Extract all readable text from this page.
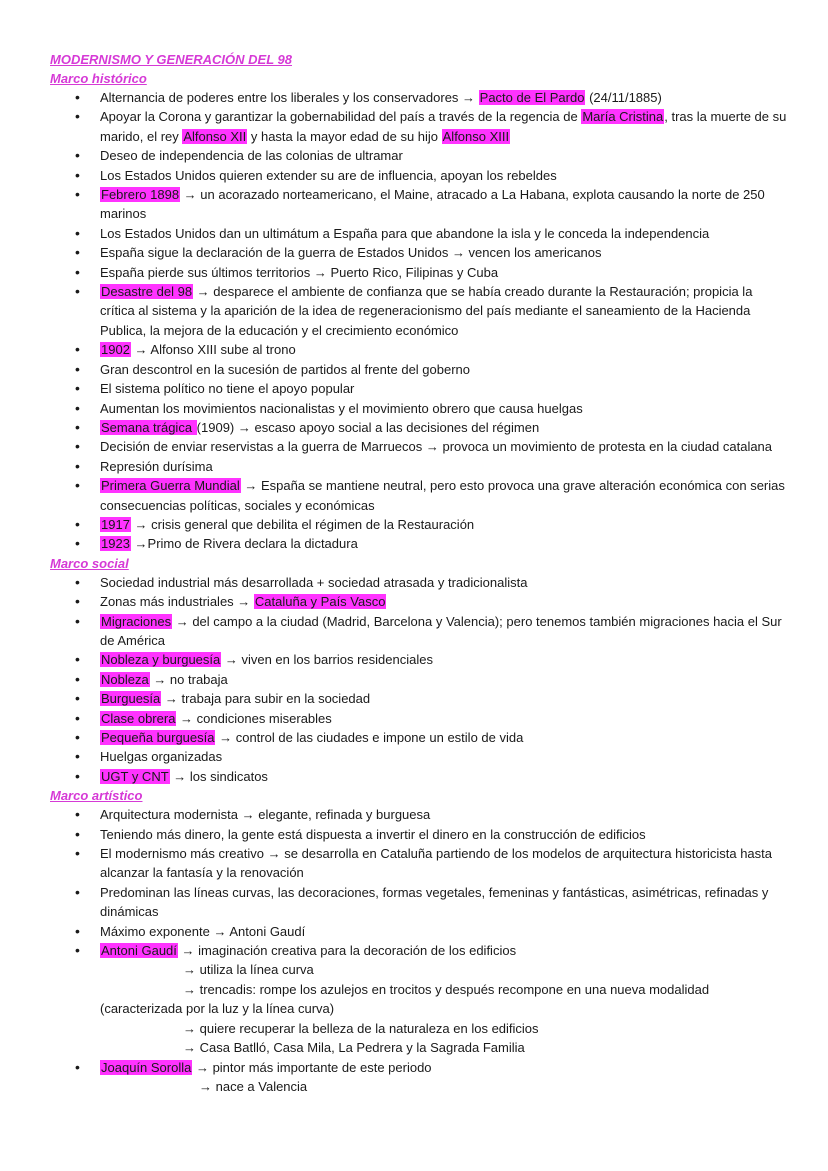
MODERNISMO Y GENERACIÓN DEL 98
Marco histórico
• Alternancia de poderes entre los liberales y los conservadores → Pacto de El Pardo (24/11/1885)
• Apoyar la Corona y garantizar la gobernabilidad del país a través de la regencia de María Cristina, tras la muerte de su marido, el rey Alfonso XII y hasta la mayor edad de su hijo Alfonso XIII
• Deseo de independencia de las colonias de ultramar
• Los Estados Unidos quieren extender su are de influencia, apoyan los rebeldes
• Febrero 1898 → un acorazado norteamericano, el Maine, atracado a La Habana, explota causando la norte de 250 marinos
• Los Estados Unidos dan un ultimátum a España para que abandone la isla y le conceda la independencia
• España sigue la declaración de la guerra de Estados Unidos → vencen los americanos
• España pierde sus últimos territorios → Puerto Rico, Filipinas y Cuba
• Desastre del 98 → desparece el ambiente de confianza que se había creado durante la Restauración; propicia la crítica al sistema y la aparición de la idea de regeneracionismo del país mediante el saneamiento de la Hacienda Publica, la mejora de la educación y el crecimiento económico
• 1902 → Alfonso XIII sube al trono
• Gran descontrol en la sucesión de partidos al frente del goberno
• El sistema político no tiene el apoyo popular
• Aumentan los movimientos nacionalistas y el movimiento obrero que causa huelgas
• Semana trágica (1909) → escaso apoyo social a las decisiones del régimen
• Decisión de enviar reservistas a la guerra de Marruecos → provoca un movimiento de protesta en la ciudad catalana
• Represión durísima
• Primera Guerra Mundial → España se mantiene neutral, pero esto provoca una grave alteración económica con serias consecuencias políticas, sociales y económicas
• 1917 → crisis general que debilita el régimen de la Restauración
• 1923 →Primo de Rivera declara la dictadura
Marco social
• Sociedad industrial más desarrollada + sociedad atrasada y tradicionalista
• Zonas más industriales → Cataluña y País Vasco
• Migraciones → del campo a la ciudad (Madrid, Barcelona y Valencia); pero tenemos también migraciones hacia el Sur de América
• Nobleza y burguesía → viven en los barrios residenciales
• Nobleza → no trabaja
• Burguesía → trabaja para subir en la sociedad
• Clase obrera → condiciones miserables
• Pequeña burguesía → control de las ciudades e impone un estilo de vida
• Huelgas organizadas
• UGT y CNT → los sindicatos
Marco artístico
• Arquitectura modernista → elegante, refinada y burguesa
• Teniendo más dinero, la gente está dispuesta a invertir el dinero en la construcción de edificios
• El modernismo más creativo → se desarrolla en Cataluña partiendo de los modelos de arquitectura historicista hasta alcanzar la fantasía y la renovación
• Predominan las líneas curvas, las decoraciones, formas vegetales, femeninas y fantásticas, asimétricas, refinadas y dinámicas
• Máximo exponente → Antoni Gaudí
• Antoni Gaudí → imaginación creativa para la decoración de los edificios
→ utiliza la línea curva
→ trencadis: rompe los azulejos en trocitos y después recompone en una nueva modalidad
(caracterizada por la luz y la línea curva)
→ quiere recuperar la belleza de la naturaleza en los edificios
→ Casa Batlló, Casa Mila, La Pedrera y la Sagrada Familia
• Joaquín Sorolla → pintor más importante de este periodo
→ nace a Valencia
